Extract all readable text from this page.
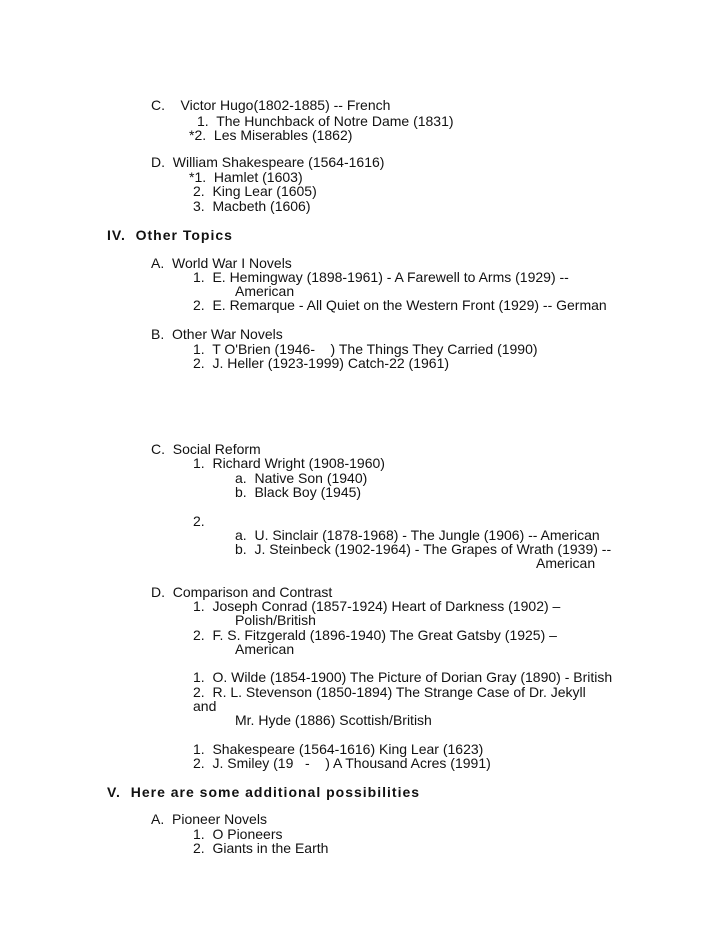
C.    Victor Hugo(1802-1885) -- French
1.  The Hunchback of Notre Dame (1831)
*2.  Les Miserables (1862)
D.  William Shakespeare (1564-1616)
*1.  Hamlet (1603)
2.  King Lear (1605)
3.  Macbeth (1606)
IV.  Other Topics
A.  World War I Novels
1.  E. Hemingway (1898-1961) - A Farewell to Arms (1929) --
American
2.  E. Remarque - All Quiet on the Western Front (1929) -- German
B.  Other War Novels
1.  T O'Brien (1946-    ) The Things They Carried (1990)
2.  J. Heller (1923-1999) Catch-22 (1961)
C.  Social Reform
1.  Richard Wright (1908-1960)
a.  Native Son (1940)
b.  Black Boy (1945)
2.
a.  U. Sinclair (1878-1968) - The Jungle (1906) -- American
b.  J. Steinbeck (1902-1964) - The Grapes of Wrath (1939) --
American
D.  Comparison and Contrast
1.  Joseph Conrad (1857-1924) Heart of Darkness (1902) –
Polish/British
2.  F. S. Fitzgerald (1896-1940) The Great Gatsby (1925) –
American
1.  O. Wilde (1854-1900) The Picture of Dorian Gray (1890) - British
2.  R. L. Stevenson (1850-1894) The Strange Case of Dr. Jekyll
and
Mr. Hyde (1886) Scottish/British
1.  Shakespeare (1564-1616) King Lear (1623)
2.  J. Smiley (19   -    ) A Thousand Acres (1991)
V.  Here are some additional possibilities
A.  Pioneer Novels
1.  O Pioneers
2.  Giants in the Earth
